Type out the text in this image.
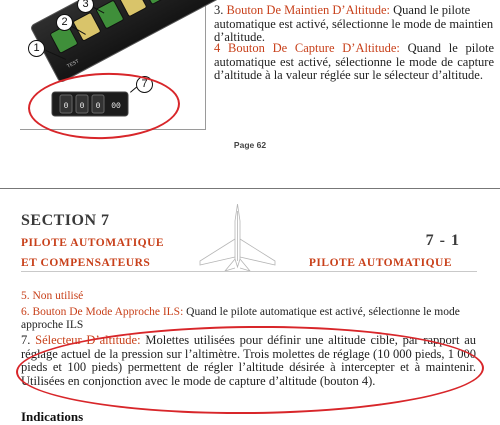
TEST
1
2
3
0 0 0 00
7
3. Bouton De Maintien D’Altitude: Quand le pilote automatique est activé, sélectionne le mode de maintien d’altitude.
4 Bouton De Capture D’Altitude: Quand le pilote automatique est activé, sélectionne le mode de capture d’altitude à la valeur réglée sur le sélecteur d’altitude.
Page 62
SECTION 7
PILOTE AUTOMATIQUE
ET COMPENSATEURS
7 - 1
PILOTE AUTOMATIQUE
5. Non utilisé
6. Bouton De Mode Approche ILS: Quand le pilote automatique est activé, sélectionne le mode approche ILS
7. Sélecteur D’altitude: Molettes utilisées pour définir une altitude cible, par rapport au réglage actuel de la pression sur l’altimètre. Trois molettes de réglage (10 000 pieds, 1 000 pieds et 100 pieds) permettent de régler l’altitude désirée à intercepter et à maintenir. Utilisées en conjonction avec le mode de capture d’altitude (bouton 4).
Indications
